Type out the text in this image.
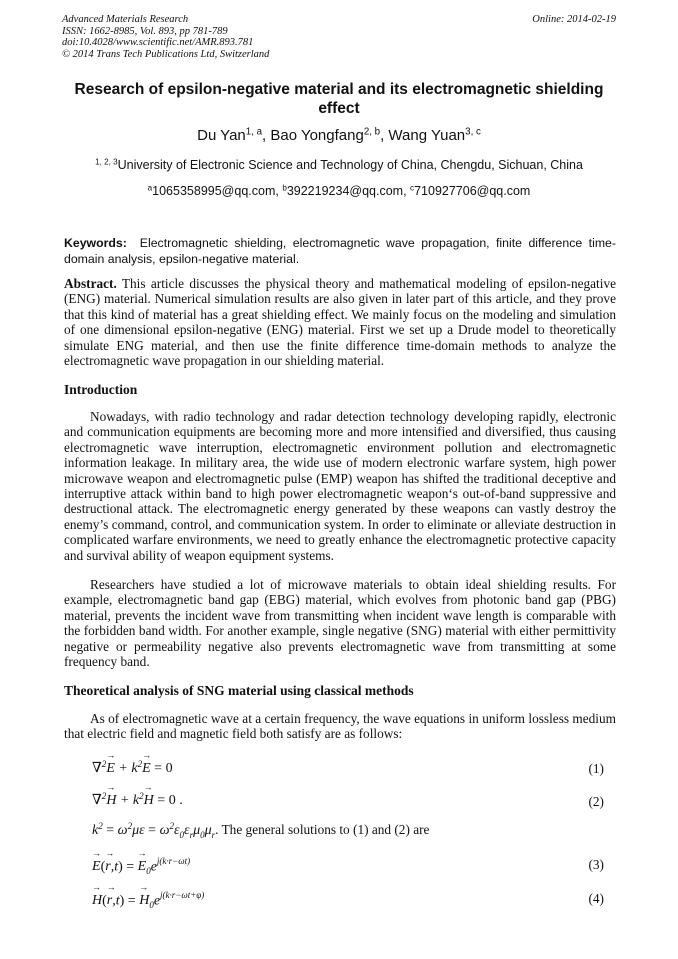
Advanced Materials Research
ISSN: 1662-8985, Vol. 893, pp 781-789
doi:10.4028/www.scientific.net/AMR.893.781
© 2014 Trans Tech Publications Ltd, Switzerland
Online: 2014-02-19
Research of epsilon-negative material and its electromagnetic shielding effect
Du Yan$^{1, a}$, Bao Yongfang$^{2, b}$, Wang Yuan$^{3, c}$
$^{1, 2, 3}$University of Electronic Science and Technology of China, Chengdu, Sichuan, China
$^a$1065358995@qq.com, $^b$392219234@qq.com, $^c$710927706@qq.com
Keywords: Electromagnetic shielding, electromagnetic wave propagation, finite difference time-domain analysis, epsilon-negative material.
Abstract. This article discusses the physical theory and mathematical modeling of epsilon-negative (ENG) material. Numerical simulation results are also given in later part of this article, and they prove that this kind of material has a great shielding effect. We mainly focus on the modeling and simulation of one dimensional epsilon-negative (ENG) material. First we set up a Drude model to theoretically simulate ENG material, and then use the finite difference time-domain methods to analyze the electromagnetic wave propagation in our shielding material.
Introduction
Nowadays, with radio technology and radar detection technology developing rapidly, electronic and communication equipments are becoming more and more intensified and diversified, thus causing electromagnetic wave interruption, electromagnetic environment pollution and electromagnetic information leakage. In military area, the wide use of modern electronic warfare system, high power microwave weapon and electromagnetic pulse (EMP) weapon has shifted the traditional deceptive and interruptive attack within band to high power electromagnetic weapon‘s out-of-band suppressive and destructional attack. The electromagnetic energy generated by these weapons can vastly destroy the enemy’s command, control, and communication system. In order to eliminate or alleviate destruction in complicated warfare environments, we need to greatly enhance the electromagnetic protective capacity and survival ability of weapon equipment systems.
Researchers have studied a lot of microwave materials to obtain ideal shielding results. For example, electromagnetic band gap (EBG) material, which evolves from photonic band gap (PBG) material, prevents the incident wave from transmitting when incident wave length is comparable with the forbidden band width. For another example, single negative (SNG) material with either permittivity negative or permeability negative also prevents electromagnetic wave from transmitting at some frequency band.
Theoretical analysis of SNG material using classical methods
As of electromagnetic wave at a certain frequency, the wave equations in uniform lossless medium that electric field and magnetic field both satisfy are as follows:
$\nabla^2\to E + k^2\to E = 0$	(1)
$\nabla^2\to H + k^2\to H = 0$ .	(2)
$k^2 = \omega^2\mu\varepsilon = \omega^2\varepsilon_0\varepsilon_r\mu_0\mu_r$. The general solutions to (1) and (2) are
→ E(→ r,t) = → $E_0e^{j(k\cdot r-\omega t)}$	(3)
→ H(→ r,t) = → $H_0e^{j(k\cdot r-\omega t+\varphi)}$	(4)
